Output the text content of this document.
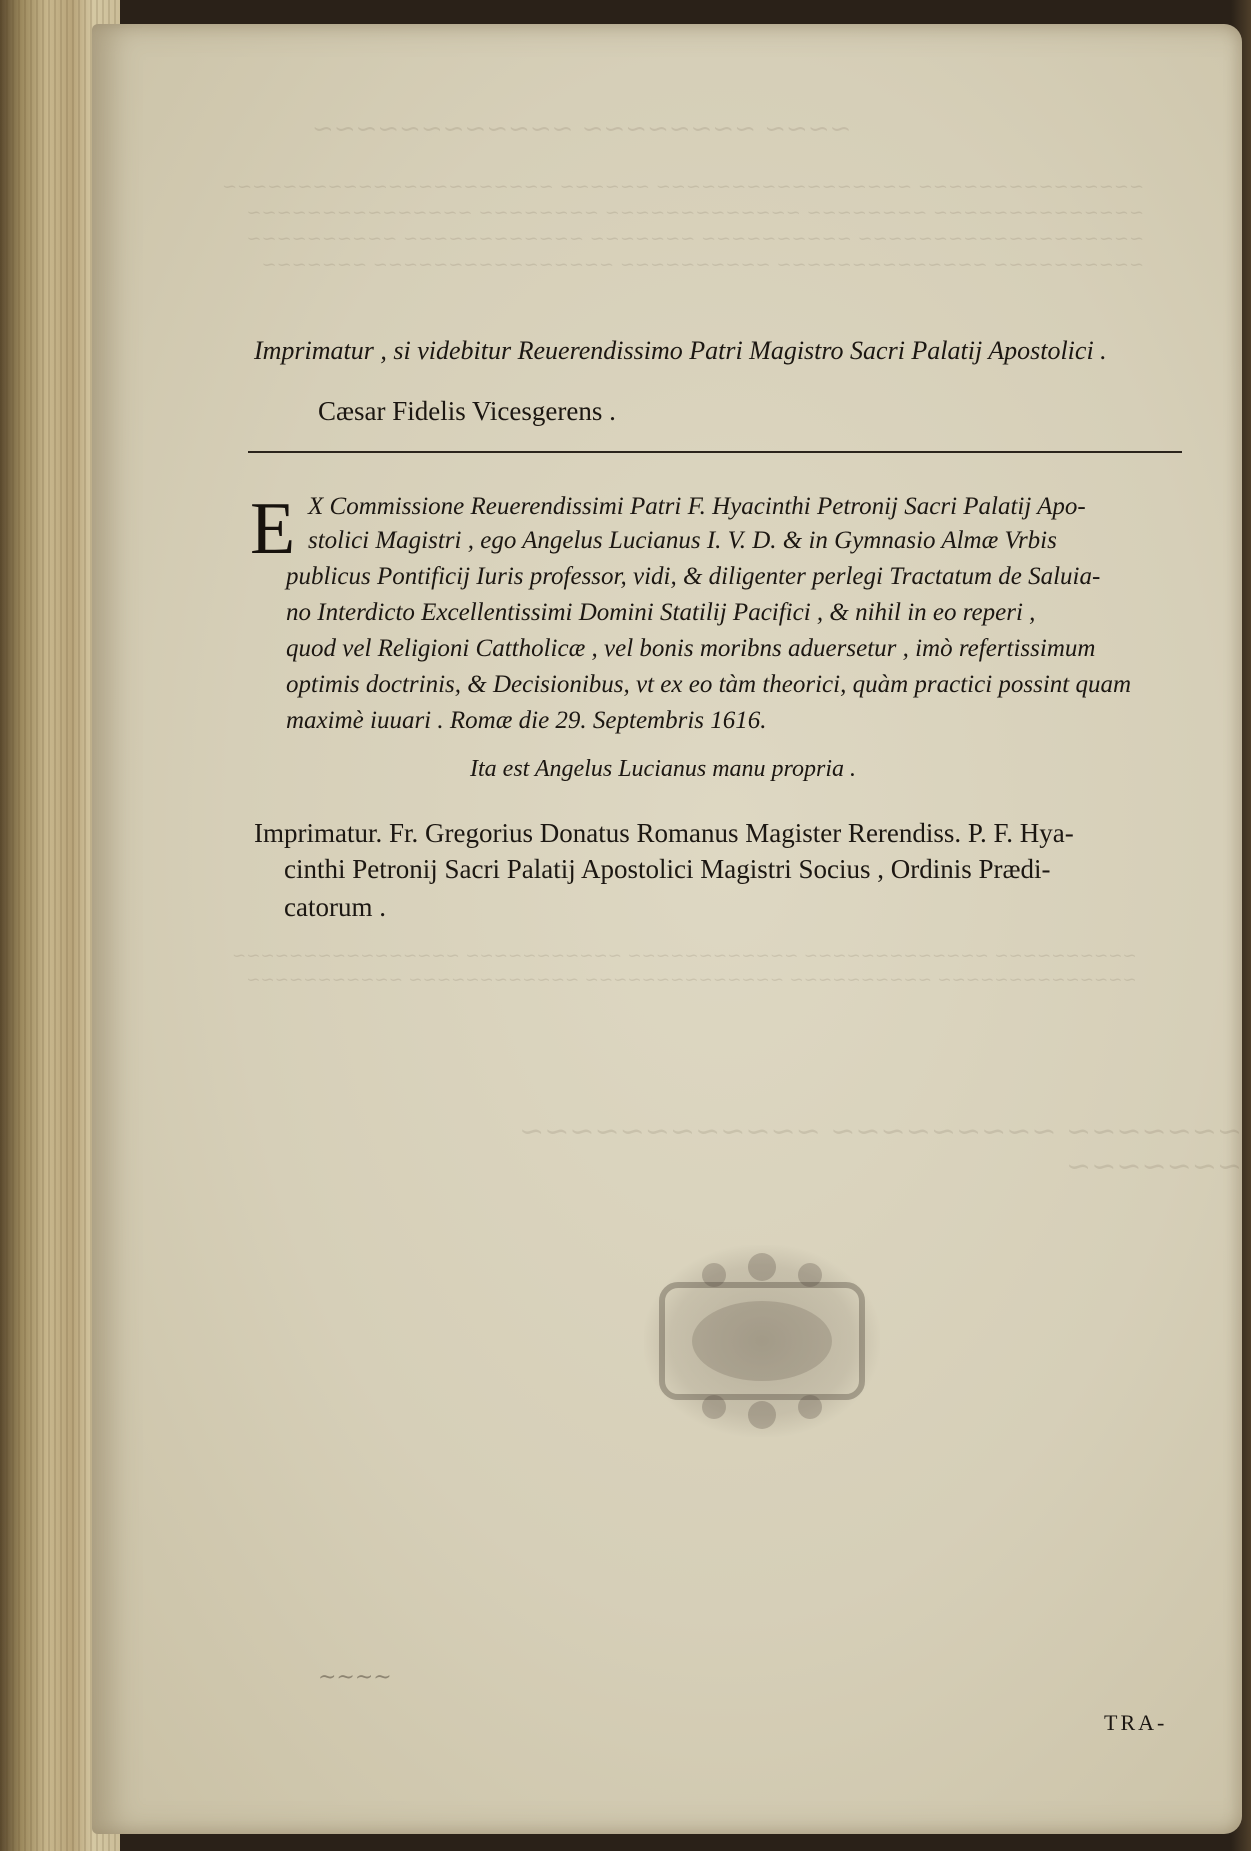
~~~~ ~~~~~~~~ ~~~~~~~~~~~~
~~~~~~~~~~~~~~~ ~~~~~~~~~~~~~~~~~ ~~~~~~ ~~~~~~~~~~~~~~~~~~~~~~
~~~~~~~~~~~~~~ ~~~~~~~~ ~~~~~~~~~~~~~ ~~~~~~~~ ~~~~~~~~~~~~~~~
~~~~~~~~~~~~~~~~~~~ ~~~~~~~~~~ ~~~~~~~ ~~~~~~~~~~~~ ~~~~~~~~~~
~~~~~~~~~~ ~~~~~~~~~~~~~~ ~~~~~~~~~~ ~~~~~~~~~~~~~~~~ ~~~~~~~
~~~~~~~~~~ ~~~~~~~~~~~~~ ~~~~~~~~~~~~ ~~~~~~~~~~~ ~~~~~~~~~~~~~~~~
~~~~~~~~~~~~~~ ~~~~~~~~~~ ~~~~~~~~~~~~~~ ~~~~~~~~~~~~ ~~~~~~~~~~~
~~~~~~~ ~~~~~~~~~ ~~~~~~~~~~~~ ~~~~~~~
Imprimatur , si videbitur Reuerendissimo Patri Magistro Sacri Palatij Apostolici .
Cæsar Fidelis Vicesgerens .
E X Commissione Reuerendissimi Patri F. Hyacinthi Petronij Sacri Palatij Apo-
stolici Magistri , ego Angelus Lucianus I. V. D. & in Gymnasio Almæ Vrbis
publicus Pontificij Iuris professor, vidi, & diligenter perlegi Tractatum de Saluia-
no Interdicto Excellentissimi Domini Statilij Pacifici , & nihil in eo reperi ,
quod vel Religioni Cattholicæ , vel bonis moribns aduersetur , imò refertissimum
optimis doctrinis, & Decisionibus, vt ex eo tàm theorici, quàm practici possint quam
maximè iuuari . Romæ die 29. Septembris 1616.
Ita est Angelus Lucianus manu propria .
Imprimatur. Fr. Gregorius Donatus Romanus Magister Rerendiss. P. F. Hya-
cinthi Petronij Sacri Palatij Apostolici Magistri Socius , Ordinis Prædi-
catorum .
~~~~
TRA-
